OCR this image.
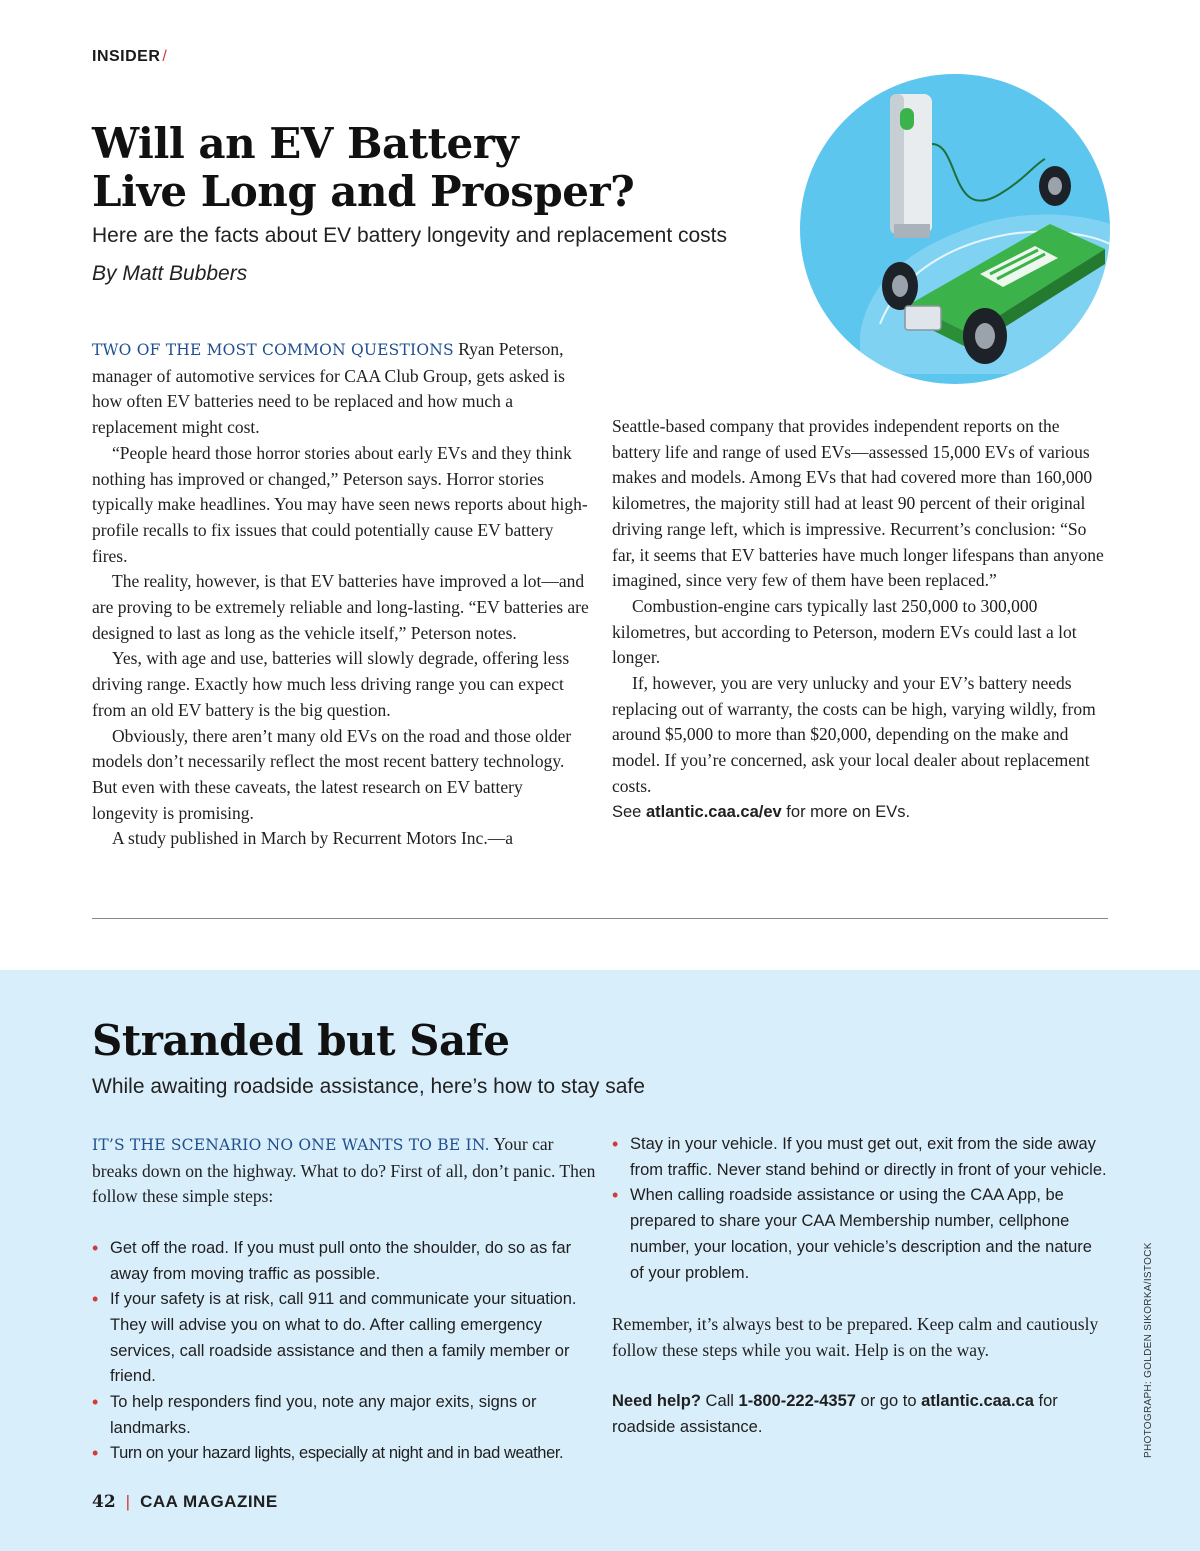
INSIDER /
Will an EV Battery
Live Long and Prosper?
Here are the facts about EV battery longevity and replacement costs
By Matt Bubbers

TWO OF THE MOST COMMON QUESTIONS Ryan Peterson, manager of automotive services for CAA Club Group, gets asked is how often EV batteries need to be replaced and how much a replacement might cost.

“People heard those horror stories about early EVs and they think nothing has improved or changed,” Peterson says. Horror stories typically make headlines. You may have seen news reports about high-profile recalls to fix issues that could potentially cause EV battery fires.

The reality, however, is that EV batteries have improved a lot—and are proving to be extremely reliable and long-lasting. “EV batteries are designed to last as long as the vehicle itself,” Peterson notes.

Yes, with age and use, batteries will slowly degrade, offering less driving range. Exactly how much less driving range you can expect from an old EV battery is the big question.

Obviously, there aren’t many old EVs on the road and those older models don’t necessarily reflect the most recent battery technology. But even with these caveats, the latest research on EV battery longevity is promising.

A study published in March by Recurrent Motors Inc.—a

Seattle-based company that provides independent reports on the battery life and range of used EVs—assessed 15,000 EVs of various makes and models. Among EVs that had covered more than 160,000 kilometres, the majority still had at least 90 percent of their original driving range left, which is impressive. Recurrent’s conclusion: “So far, it seems that EV batteries have much longer lifespans than anyone imagined, since very few of them have been replaced.”

Combustion-engine cars typically last 250,000 to 300,000 kilometres, but according to Peterson, modern EVs could last a lot longer.

If, however, you are very unlucky and your EV’s battery needs replacing out of warranty, the costs can be high, varying wildly, from around $5,000 to more than $20,000, depending on the make and model. If you’re concerned, ask your local dealer about replacement costs.

See atlantic.caa.ca/ev for more on EVs.

Stranded but Safe
While awaiting roadside assistance, here’s how to stay safe

IT’S THE SCENARIO NO ONE WANTS TO BE IN. Your car breaks down on the highway. What to do? First of all, don’t panic. Then follow these simple steps:

• Get off the road. If you must pull onto the shoulder, do so as far away from moving traffic as possible.
• If your safety is at risk, call 911 and communicate your situation. They will advise you on what to do. After calling emergency services, call roadside assistance and then a family member or friend.
• To help responders find you, note any major exits, signs or landmarks.
• Turn on your hazard lights, especially at night and in bad weather.
• Stay in your vehicle. If you must get out, exit from the side away from traffic. Never stand behind or directly in front of your vehicle.
• When calling roadside assistance or using the CAA App, be prepared to share your CAA Membership number, cellphone number, your location, your vehicle’s description and the nature of your problem.

Remember, it’s always best to be prepared. Keep calm and cautiously follow these steps while you wait. Help is on the way.

Need help? Call 1-800-222-4357 or go to atlantic.caa.ca for roadside assistance.	PHOTOGRAPH: GOLDEN SIKORKA/ISTOCK
42 | CAA MAGAZINE
